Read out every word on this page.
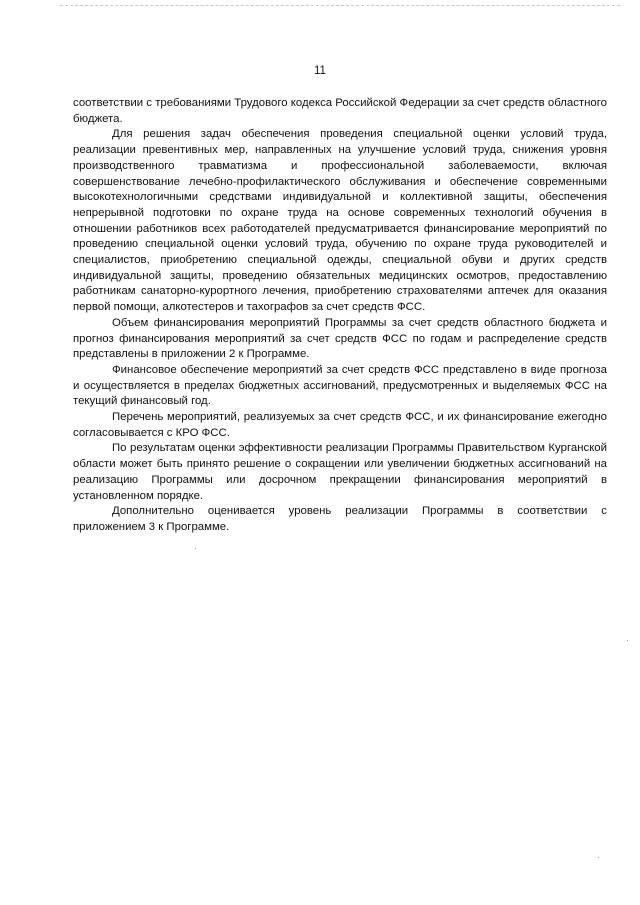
11

соответствии с требованиями Трудового кодекса Российской Федерации за счет средств областного бюджета.

Для решения задач обеспечения проведения специальной оценки условий труда, реализации превентивных мер, направленных на улучшение условий труда, снижения уровня производственного травматизма и профессиональной заболеваемости, включая совершенствование лечебно-профилактического обслуживания и обеспечение современными высокотехнологичными средствами индивидуальной и коллективной защиты, обеспечения непрерывной подготовки по охране труда на основе современных технологий обучения в отношении работников всех работодателей предусматривается финансирование мероприятий по проведению специальной оценки условий труда, обучению по охране труда руководителей и специалистов, приобретению специальной одежды, специальной обуви и других средств индивидуальной защиты, проведению обязательных медицинских осмотров, предоставлению работникам санаторно-курортного лечения, приобретению страхователями аптечек для оказания первой помощи, алкотестеров и тахографов за счет средств ФСС.

Объем финансирования мероприятий Программы за счет средств областного бюджета и прогноз финансирования мероприятий за счет средств ФСС по годам и распределение средств представлены в приложении 2 к Программе.

Финансовое обеспечение мероприятий за счет средств ФСС представлено в виде прогноза и осуществляется в пределах бюджетных ассигнований, предусмотренных и выделяемых ФСС на текущий финансовый год.

Перечень мероприятий, реализуемых за счет средств ФСС, и их финансирование ежегодно согласовывается с КРО ФСС.

По результатам оценки эффективности реализации Программы Правительством Курганской области может быть принято решение о сокращении или увеличении бюджетных ассигнований на реализацию Программы или досрочном прекращении финансирования мероприятий в установленном порядке.

Дополнительно оценивается уровень реализации Программы в соответствии с приложением 3 к Программе.
